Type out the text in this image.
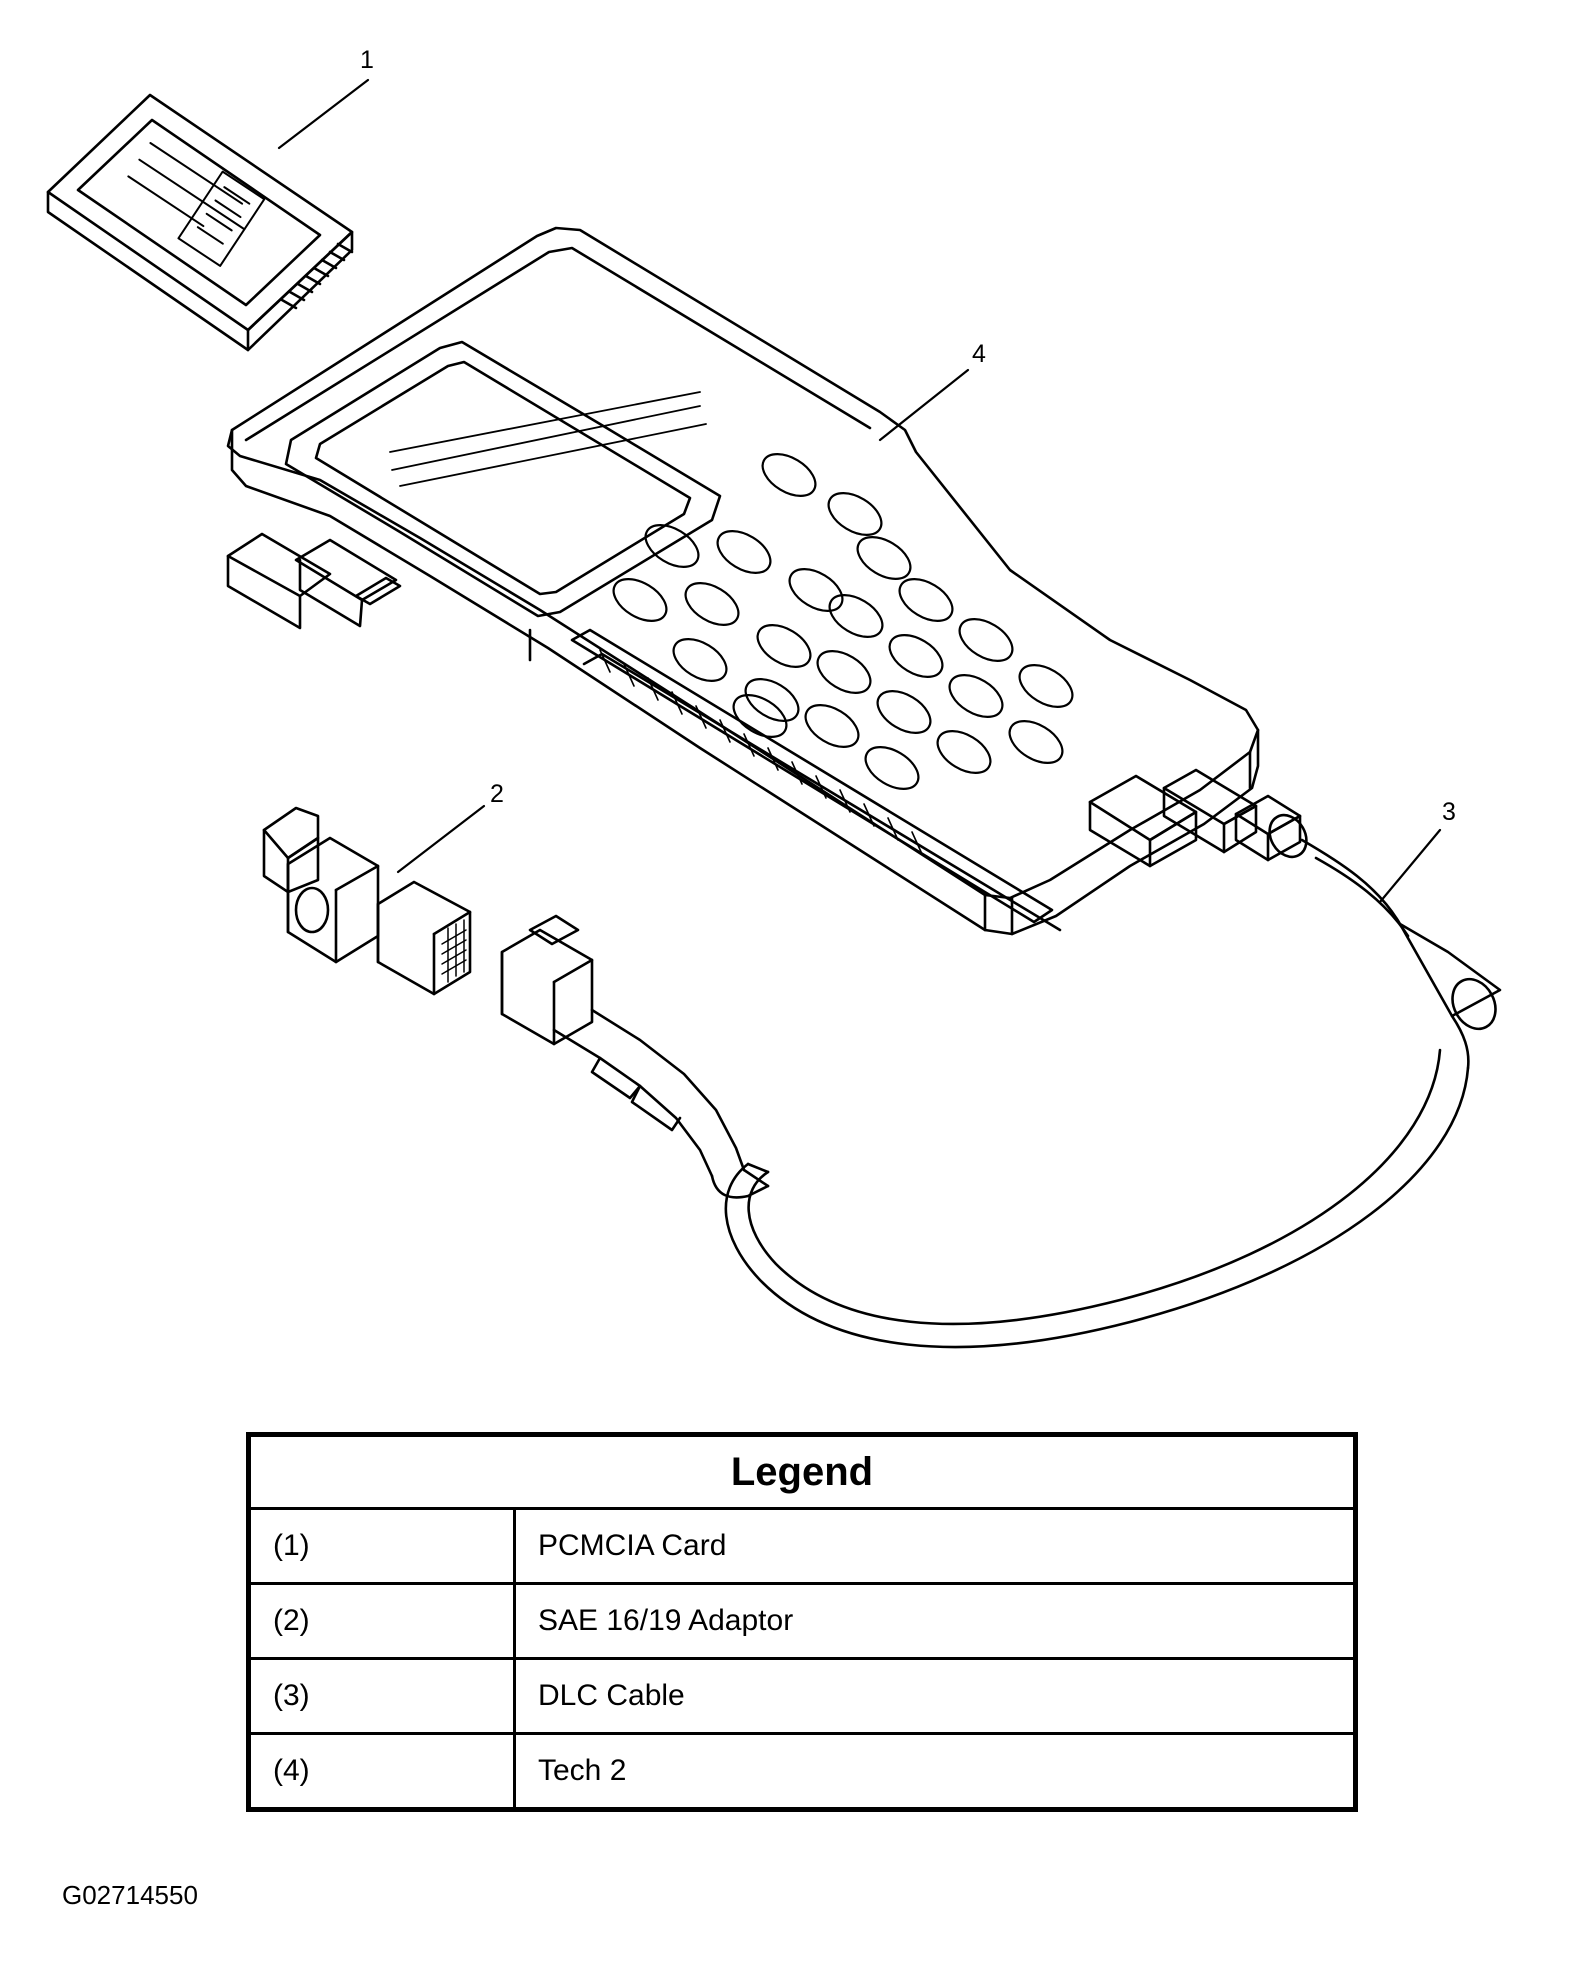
1
4
2
3
Legend	
(1)	PCMCIA Card
(2)	SAE 16/19 Adaptor
(3)	DLC Cable
(4)	Tech 2
G02714550
